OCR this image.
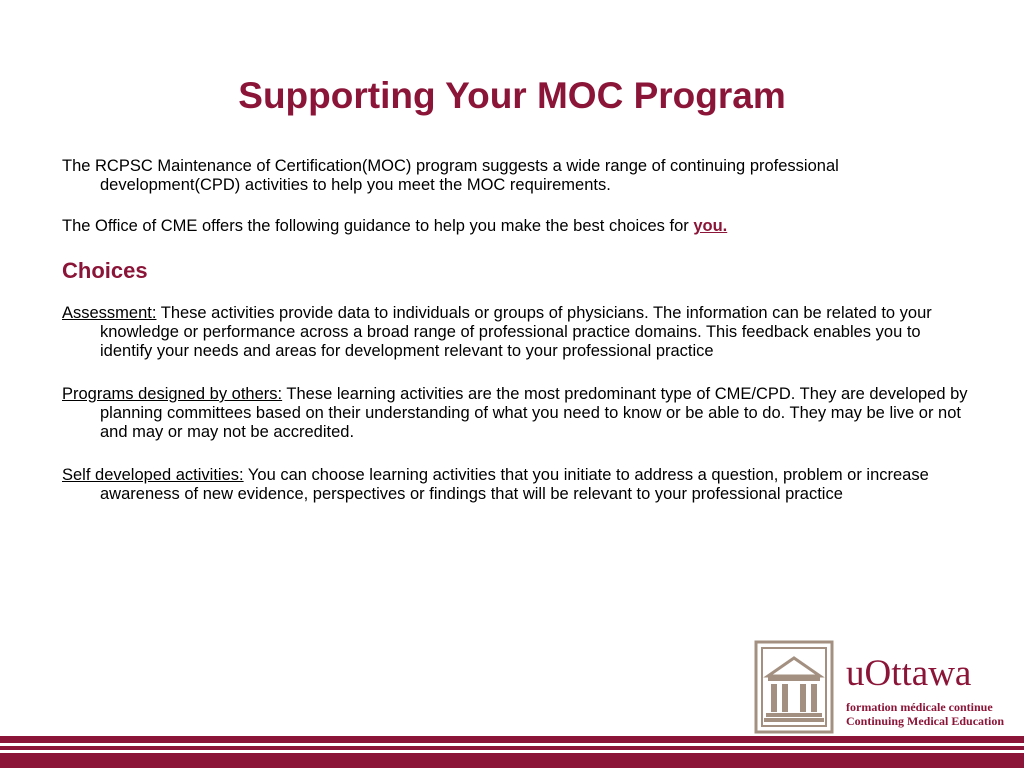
Supporting Your MOC Program

The RCPSC Maintenance of Certification(MOC) program suggests a wide range of continuing professional development(CPD) activities to help you meet the MOC requirements.

The Office of CME offers the following guidance to help you make the best choices for you.

Choices

Assessment: These activities provide data to individuals or groups of physicians. The information can be related to your knowledge or performance across a broad range of professional practice domains. This feedback enables you to identify your needs and areas for development relevant to your professional practice

Programs designed by others: These learning activities are the most predominant type of CME/CPD. They are developed by planning committees based on their understanding of what you need to know or be able to do. They may be live or not and may or may not be accredited.

Self developed activities: You can choose learning activities that you initiate to address a question, problem or increase awareness of new evidence, perspectives or findings that will be relevant to your professional practice

uOttawa
formation médicale continue
Continuing Medical Education
